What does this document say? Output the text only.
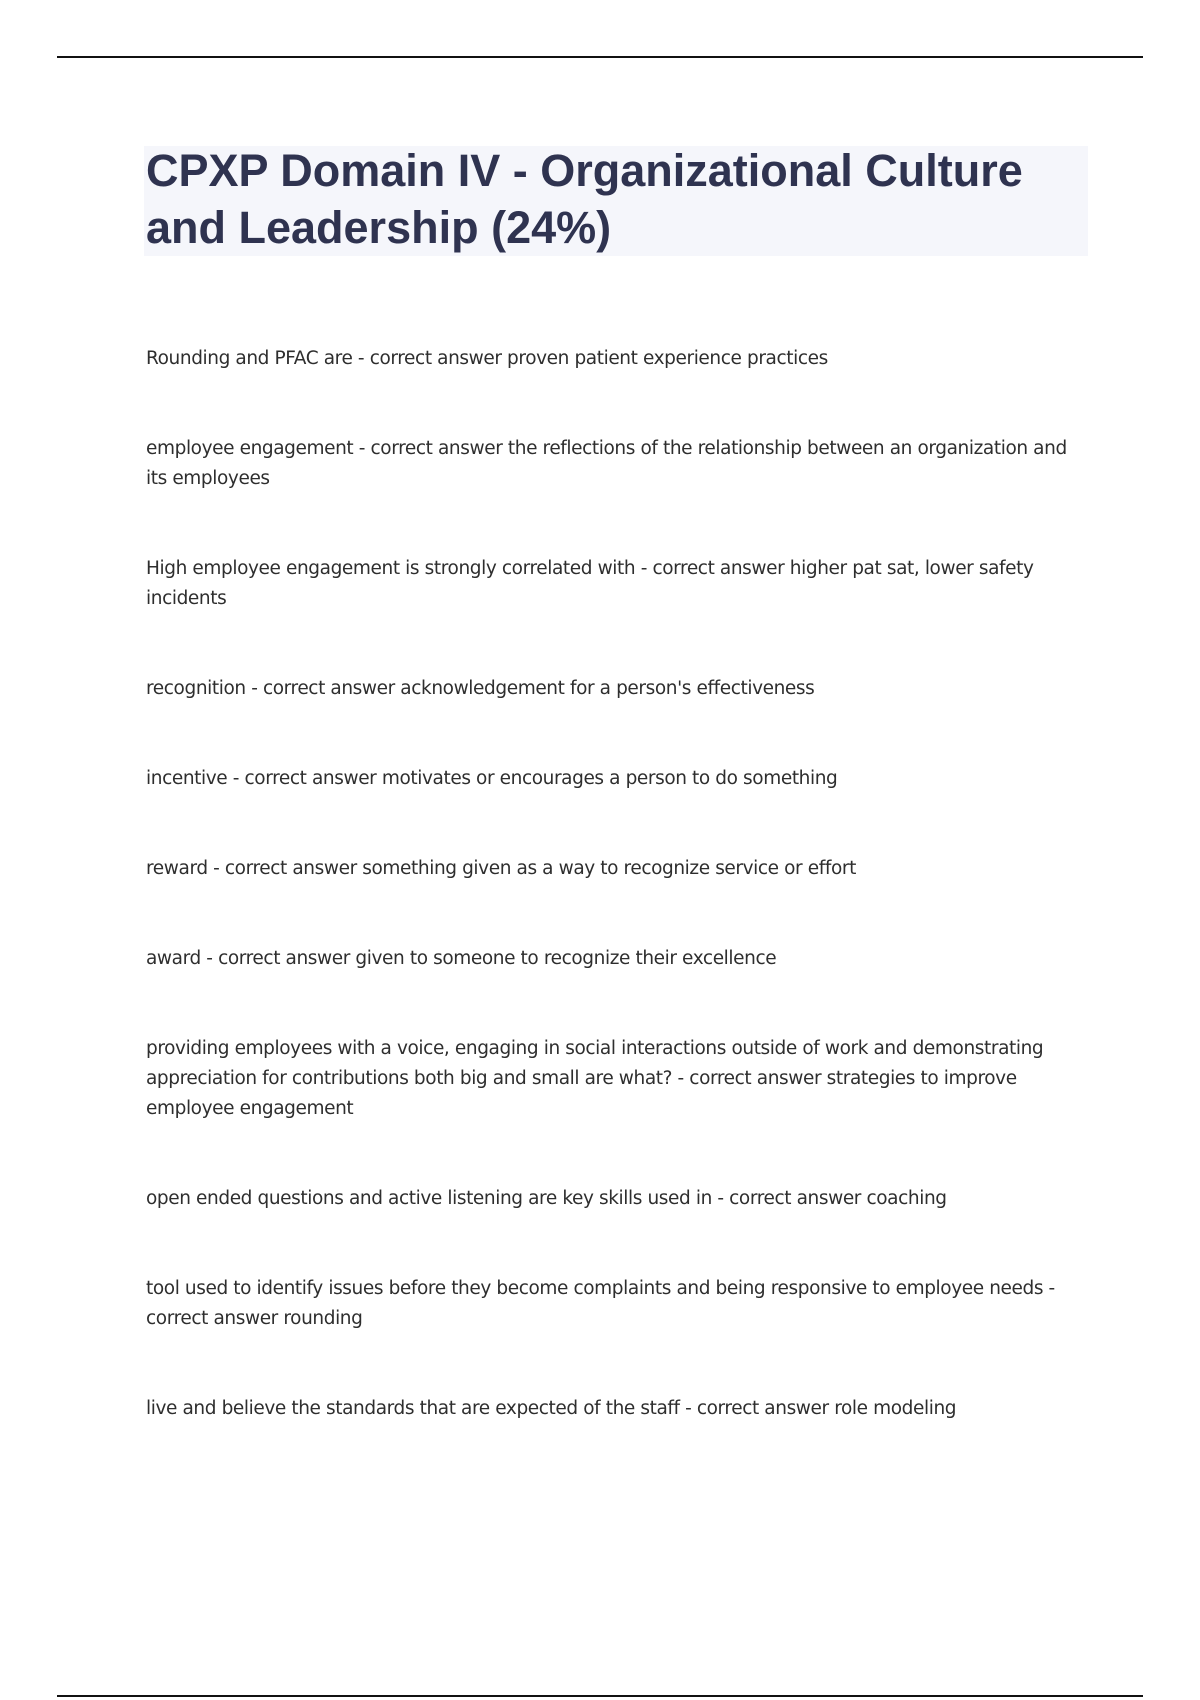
CPXP Domain IV - Organizational Culture and Leadership (24%)
Rounding and PFAC are - correct answer proven patient experience practices
employee engagement - correct answer the reflections of the relationship between an organization and its employees
High employee engagement is strongly correlated with - correct answer higher pat sat, lower safety incidents
recognition - correct answer acknowledgement for a person's effectiveness
incentive - correct answer motivates or encourages a person to do something
reward - correct answer something given as a way to recognize service or effort
award - correct answer given to someone to recognize their excellence
providing employees with a voice, engaging in social interactions outside of work and demonstrating appreciation for contributions both big and small are what? - correct answer strategies to improve employee engagement
open ended questions and active listening are key skills used in - correct answer coaching
tool used to identify issues before they become complaints and being responsive to employee needs - correct answer rounding
live and believe the standards that are expected of the staff - correct answer role modeling
